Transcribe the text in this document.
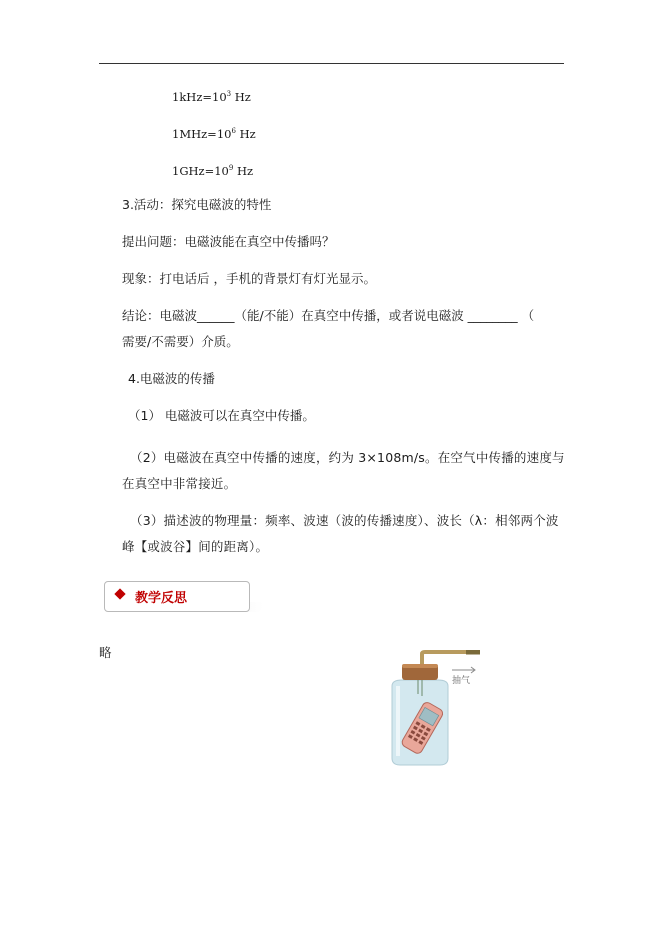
$1kHz=10^3$ Hz
$1MHz=10^6$ Hz
$1GHz=10^9$ Hz
3.活动：探究电磁波的特性
提出问题：电磁波能在真空中传播吗？
现象：打电话后 ，手机的背景灯有灯光显示。
结论：电磁波______（能/不能）在真空中传播，或者说电磁波 ________ （
需要/不需要）介质。
4.电磁波的传播
（1） 电磁波可以在真空中传播。
（2）电磁波在真空中传播的速度，约为 3×108m/s。在空气中传播的速度与在真空中非常接近。
（3）描述波的物理量：频率、波速（波的传播速度）、波长（λ：相邻两个波峰【或波谷】间的距离）。
教学反思
略
抽气
